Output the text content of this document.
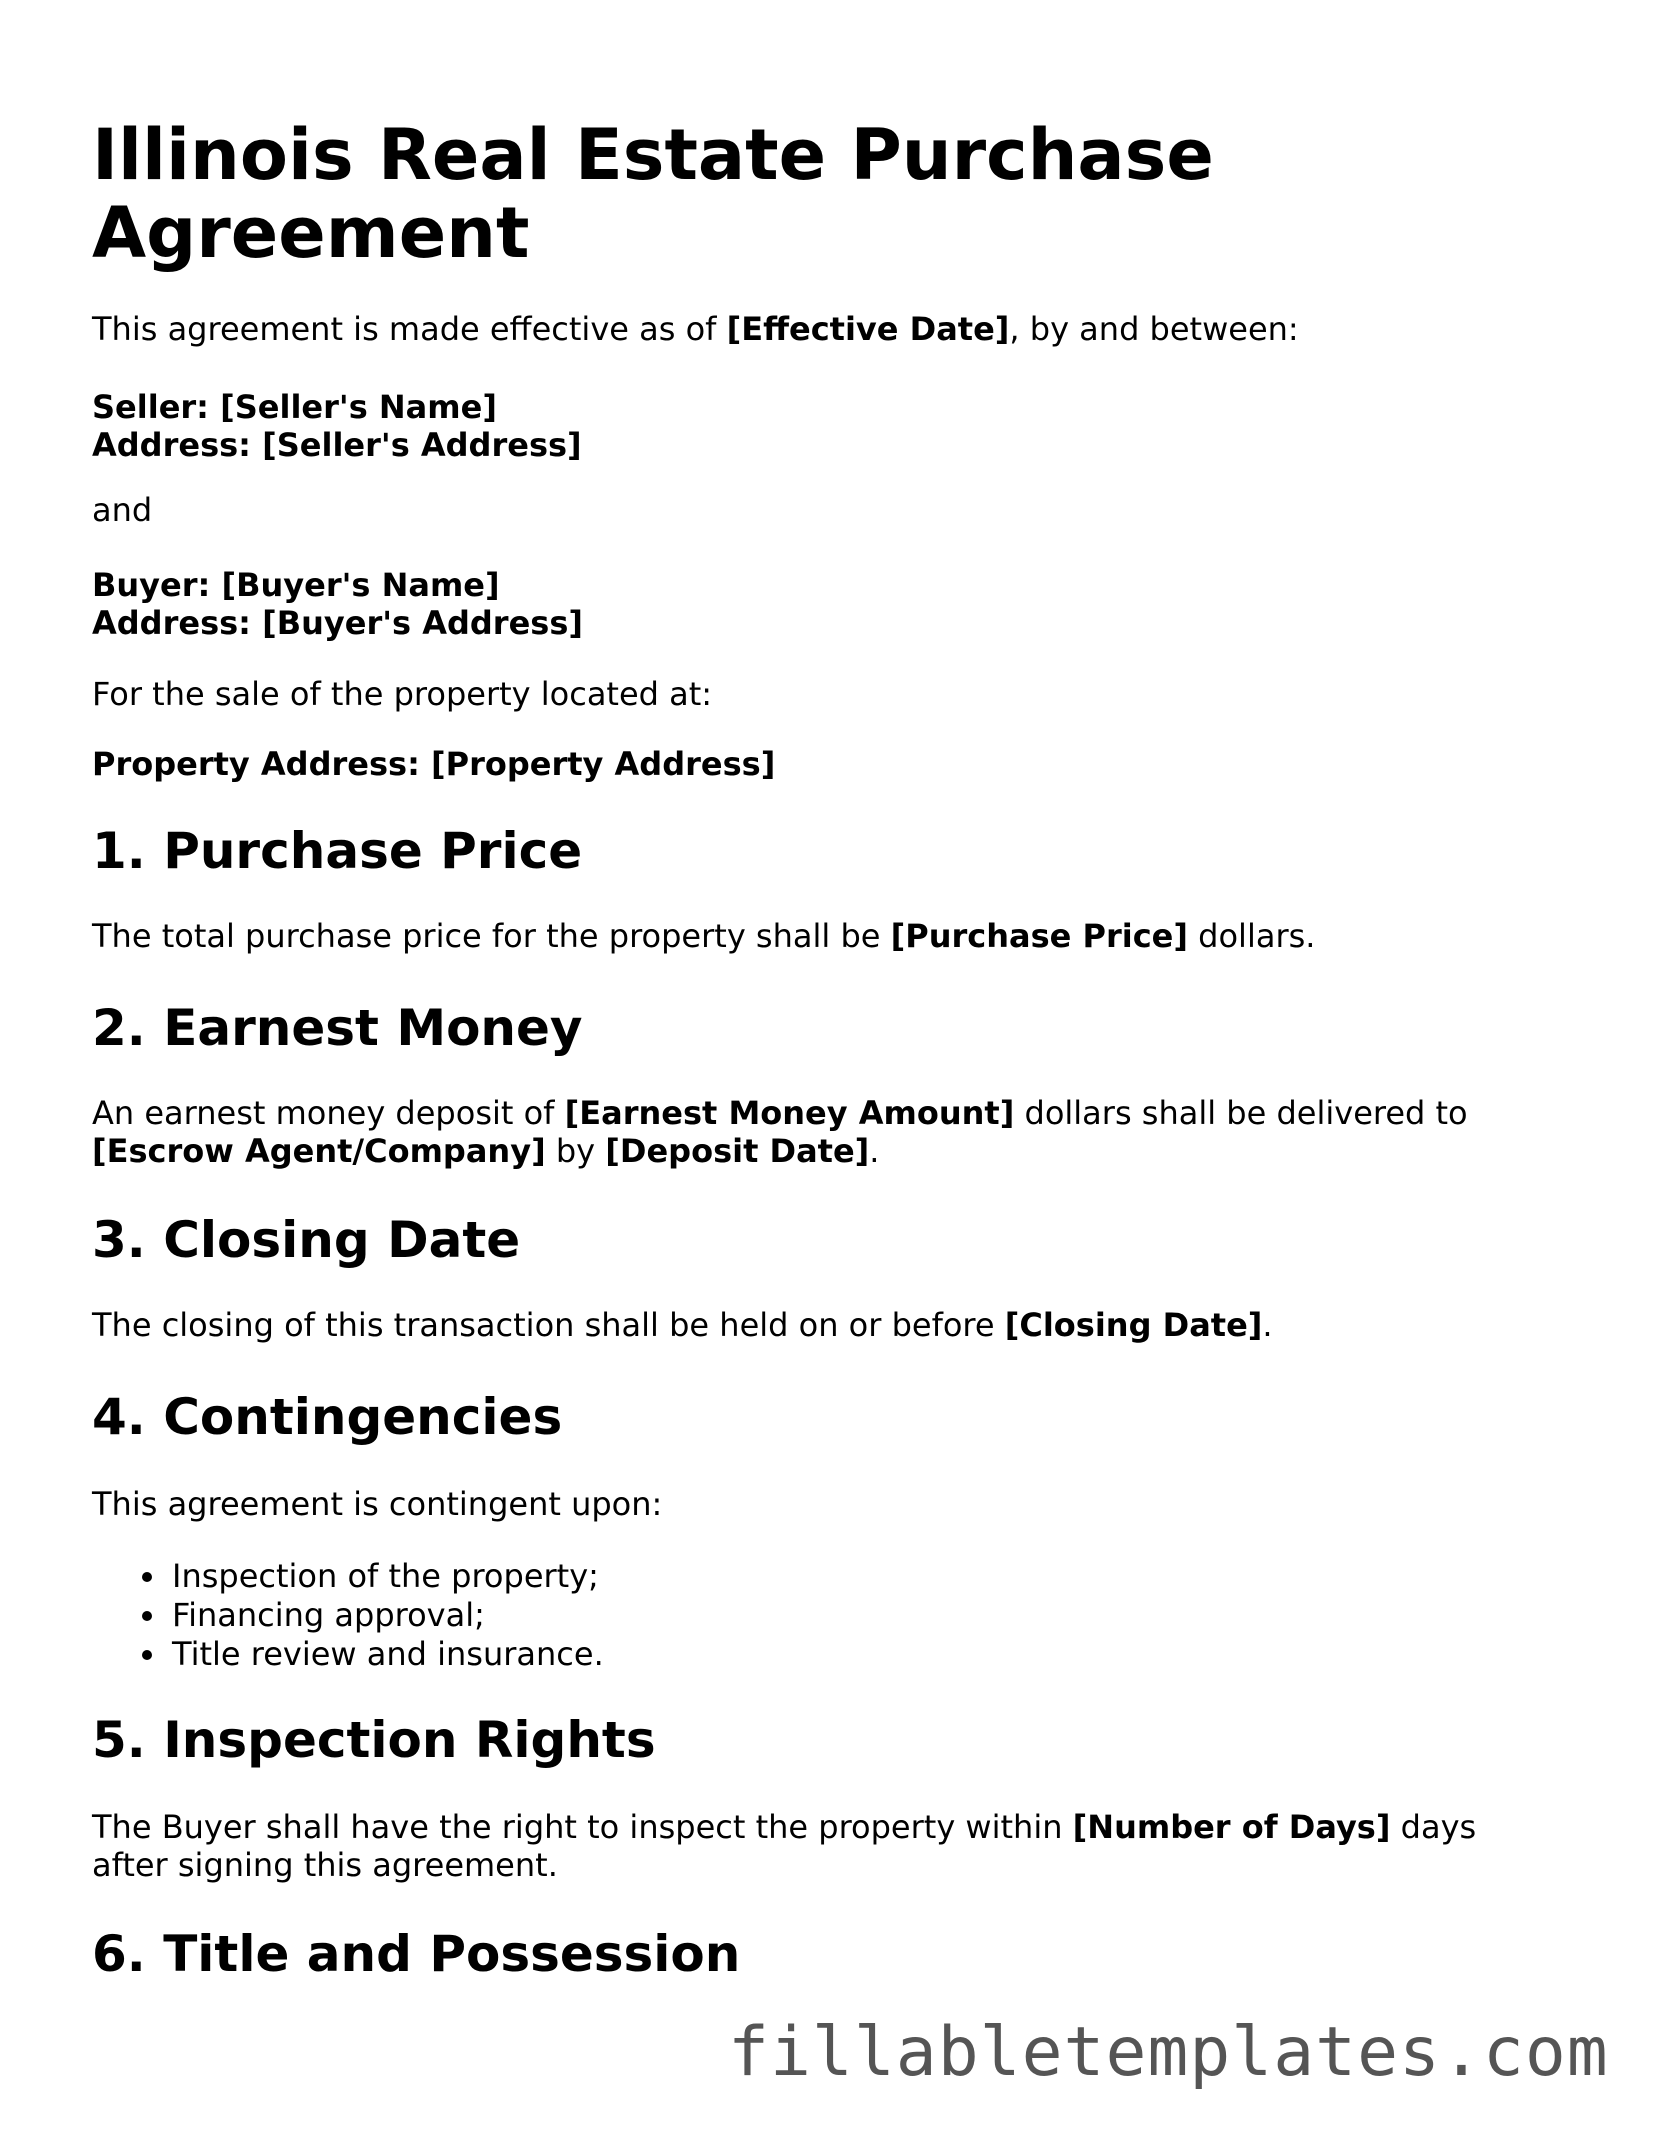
Illinois Real Estate Purchase Agreement

This agreement is made effective as of [Effective Date], by and between:

Seller: [Seller's Name]

Address: [Seller's Address]

and

Buyer: [Buyer's Name]

Address: [Buyer's Address]

For the sale of the property located at:

Property Address: [Property Address]

1. Purchase Price

The total purchase price for the property shall be [Purchase Price] dollars.

2. Earnest Money

An earnest money deposit of [Earnest Money Amount] dollars shall be delivered to

[Escrow Agent/Company] by [Deposit Date].

3. Closing Date

The closing of this transaction shall be held on or before [Closing Date].

4. Contingencies

This agreement is contingent upon:

Inspection of the property;
Financing approval;
Title review and insurance.
5. Inspection Rights

The Buyer shall have the right to inspect the property within [Number of Days] days

after signing this agreement.

6. Title and Possession
fillabletemplates.com
